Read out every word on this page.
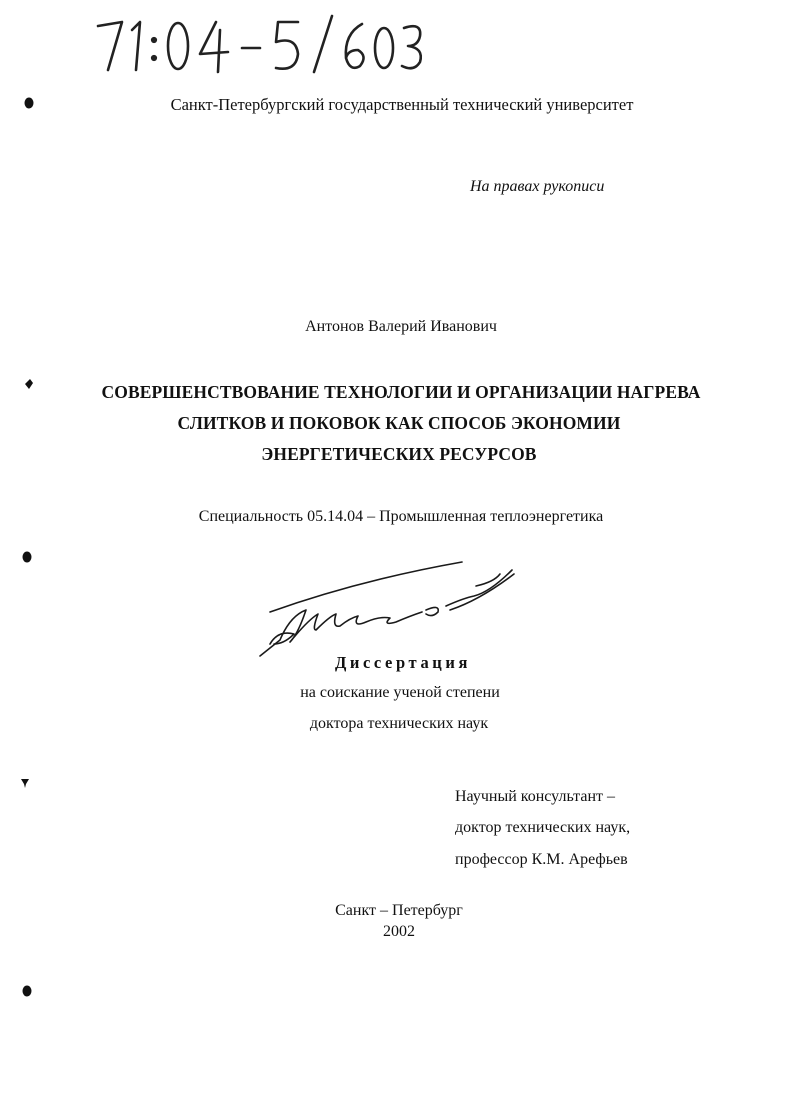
Санкт-Петербургский государственный технический университет
На правах рукописи
Антонов Валерий Иванович
СОВЕРШЕНСТВОВАНИЕ ТЕХНОЛОГИИ И ОРГАНИЗАЦИИ НАГРЕВА
СЛИТКОВ И ПОКОВОК КАК СПОСОБ ЭКОНОМИИ
ЭНЕРГЕТИЧЕСКИХ РЕСУРСОВ
Специальность 05.14.04 – Промышленная теплоэнергетика
Диссертация
на соискание ученой степени
доктора технических наук
Научный консультант –
доктор технических наук,
профессор К.М. Арефьев
Санкт – Петербург
2002
